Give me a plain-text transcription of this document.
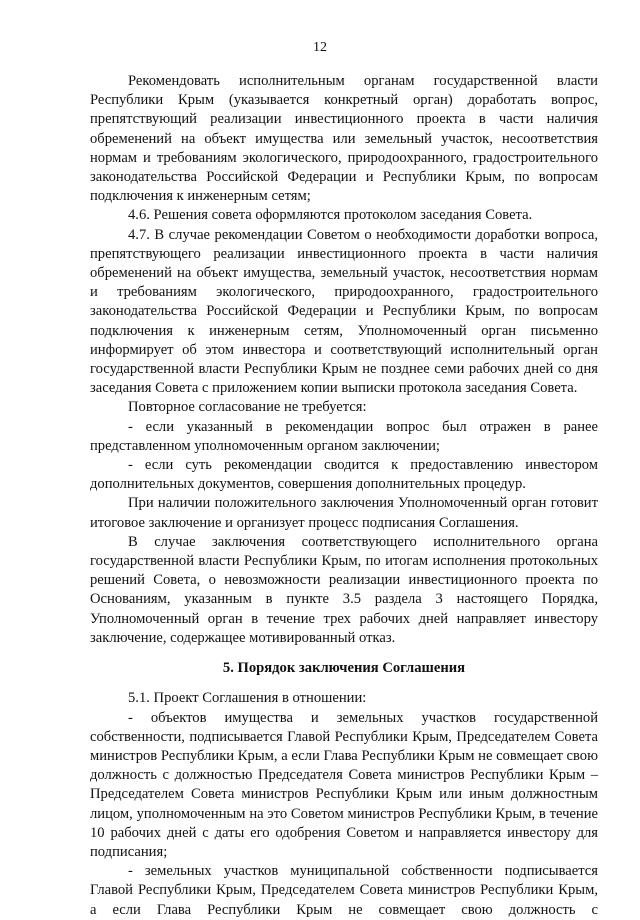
12

Рекомендовать исполнительным органам государственной власти Республики Крым (указывается конкретный орган) доработать вопрос, препятствующий реализации инвестиционного проекта в части наличия обременений на объект имущества или земельный участок, несоответствия нормам и требованиям экологического, природоохранного, градостроительного законодательства Российской Федерации и Республики Крым, по вопросам подключения к инженерным сетям;

4.6. Решения совета оформляются протоколом заседания Совета.

4.7. В случае рекомендации Советом о необходимости доработки вопроса, препятствующего реализации инвестиционного проекта в части наличия обременений на объект имущества, земельный участок, несоответствия нормам и требованиям экологического, природоохранного, градостроительного законодательства Российской Федерации и Республики Крым, по вопросам подключения к инженерным сетям, Уполномоченный орган письменно информирует об этом инвестора и соответствующий исполнительный орган государственной власти Республики Крым не позднее семи рабочих дней со дня заседания Совета с приложением копии выписки протокола заседания Совета.

Повторное согласование не требуется:

- если указанный в рекомендации вопрос был отражен в ранее представленном уполномоченным органом заключении;

- если суть рекомендации сводится к предоставлению инвестором дополнительных документов, совершения дополнительных процедур.

При наличии положительного заключения Уполномоченный орган готовит итоговое заключение и организует процесс подписания Соглашения.

В случае заключения соответствующего исполнительного органа государственной власти Республики Крым, по итогам исполнения протокольных решений Совета, о невозможности реализации инвестиционного проекта по Основаниям, указанным в пункте 3.5 раздела 3 настоящего Порядка, Уполномоченный орган в течение трех рабочих дней направляет инвестору заключение, содержащее мотивированный отказ.

5. Порядок заключения Соглашения

5.1. Проект Соглашения в отношении:

- объектов имущества и земельных участков государственной собственности, подписывается Главой Республики Крым, Председателем Совета министров Республики Крым, а если Глава Республики Крым не совмещает свою должность с должностью Председателя Совета министров Республики Крым – Председателем Совета министров Республики Крым или иным должностным лицом, уполномоченным на это Советом министров Республики Крым, в течение 10 рабочих дней с даты его одобрения Советом и направляется инвестору для подписания;

- земельных участков муниципальной собственности подписывается Главой Республики Крым, Председателем Совета министров Республики Крым, а если Глава Республики Крым не совмещает свою должность с
